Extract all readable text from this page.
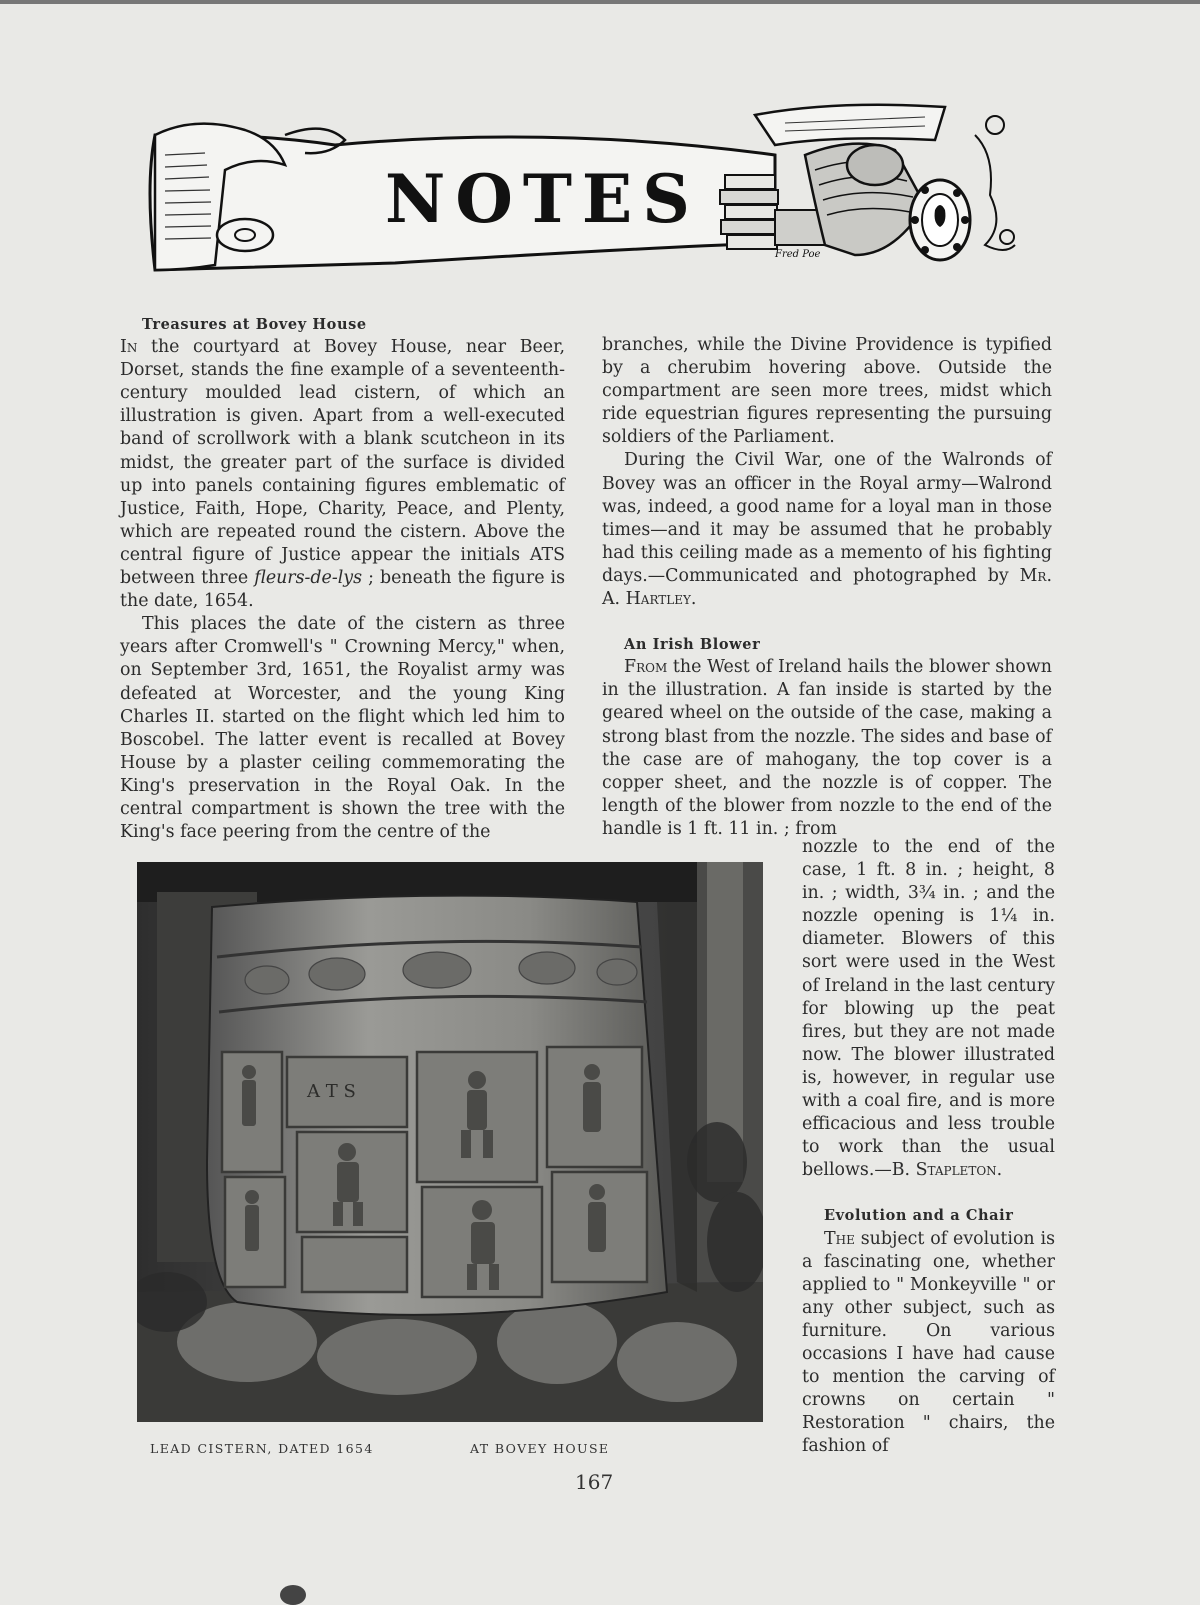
Fred Poe
NOTES

Treasures at Bovey House

In the courtyard at Bovey House, near Beer, Dorset, stands the fine example of a seventeenth-century moulded lead cistern, of which an illustration is given. Apart from a well-executed band of scrollwork with a blank scutcheon in its midst, the greater part of the surface is divided up into panels containing figures emblematic of Justice, Faith, Hope, Charity, Peace, and Plenty, which are repeated round the cistern. Above the central figure of Justice appear the initials ATS between three fleurs-de-lys ; beneath the figure is the date, 1654.

This places the date of the cistern as three years after Cromwell's " Crowning Mercy," when, on September 3rd, 1651, the Royalist army was defeated at Worcester, and the young King Charles II. started on the flight which led him to Boscobel. The latter event is recalled at Bovey House by a plaster ceiling commemorating the King's preservation in the Royal Oak. In the central compartment is shown the tree with the King's face peering from the centre of the

branches, while the Divine Providence is typified by a cherubim hovering above. Outside the compartment are seen more trees, midst which ride equestrian figures representing the pursuing soldiers of the Parliament.

During the Civil War, one of the Walronds of Bovey was an officer in the Royal army—Walrond was, indeed, a good name for a loyal man in those times—and it may be assumed that he probably had this ceiling made as a memento of his fighting days.—Communicated and photographed by Mr. A. Hartley.

An Irish Blower

From the West of Ireland hails the blower shown in the illustration. A fan inside is started by the geared wheel on the outside of the case, making a strong blast from the nozzle. The sides and base of the case are of mahogany, the top cover is a copper sheet, and the nozzle is of copper. The length of the blower from nozzle to the end of the handle is 1 ft. 11 in. ; from

nozzle to the end of the case, 1 ft. 8 in. ; height, 8 in. ; width, 3¾ in. ; and the nozzle opening is 1¼ in. diameter. Blowers of this sort were used in the West of Ireland in the last century for blowing up the peat fires, but they are not made now. The blower illustrated is, however, in regular use with a coal fire, and is more efficacious and less trouble to work than the usual bellows.—B. Stapleton.

Evolution and a Chair

The subject of evolution is a fascinating one, whether applied to " Monkeyville " or any other subject, such as furniture. On various occasions I have had cause to mention the carving of crowns on certain " Restoration " chairs, the fashion of

A T S
LEAD CISTERN, DATED 1654	AT BOVEY HOUSE
167
